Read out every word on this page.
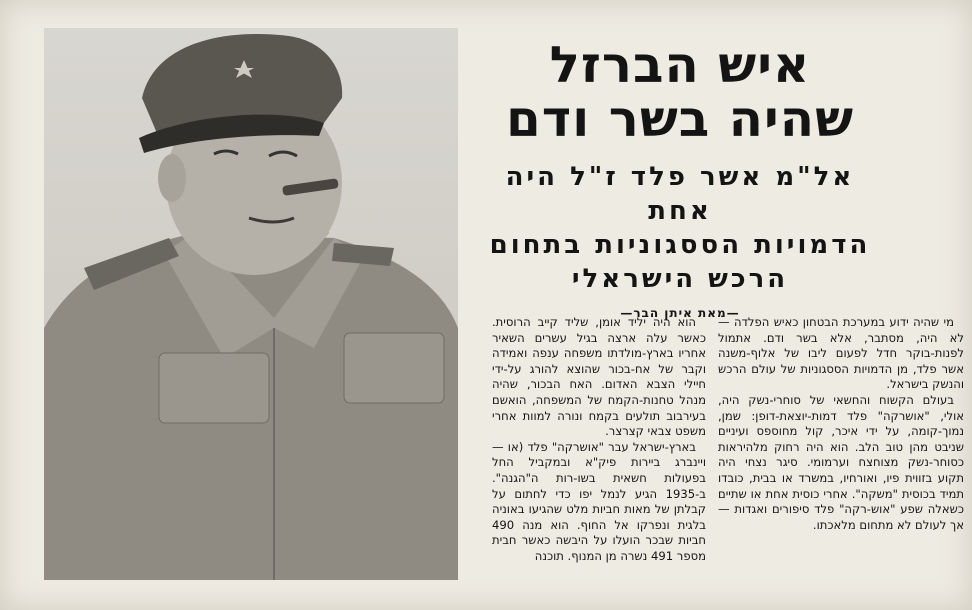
איש הברזל

שהיה בשר ודם

אל"מ אשר פלד ז"ל היה אחת

הדמויות הססגוניות בתחום

הרכש הישראלי

—מאת איתן הבר—

מי שהיה ידוע במערכת הבטחון כאיש הפלדה — לא היה, מסתבר, אלא בשר ודם. אתמול לפנות-בוקר חדל לפעום ליבו של אלוף-משנה אשר פלד, מן הדמויות הססגוניות של עולם הרכש והנשק בישראל.

בעולם הקשוח והחשאי של סוחרי-נשק היה, אולי, "אושרקה" פלד דמות-יוצאת-דופן: שמן, נמוך-קומה, על ידי איכר, קול מחוספס ועיניים שניבט מהן טוב הלב. הוא היה רחוק מלהיראות כסוחר-נשק מצוחצח וערמומי. סיגר נצחי היה תקוע בזווית פיו, ואורחיו, במשרד או בבית, כובדו תמיד בכוסית "משקה". אחרי כוסית אחת או שתיים כשאלה שפע "אוש-רקה" פלד סיפורים ואגדות — אך לעולם לא מתחום מלאכתו.

הוא היה יליד אומן, שליד קייב הרוסית. כאשר עלה ארצה בגיל עשרים השאיר אחריו בארץ-מולדתו משפחה ענפה ואמידה וקבר של אח-בכור שהוצא להורג על-ידי חיילי הצבא האדום. האח הבכור, שהיה מנהל טחנות-הקמח של המשפחה, הואשם בעירבוב תולעים בקמח ונורה למוות אחרי משפט צבאי קצרצר.

בארץ-ישראל עבר "אושרקה" פלד (או — ויינברג ביירות פיק"א ובמקביל החל בפעולות חשאית בשו-רות ה"הגנה". ב-1935 הגיע לנמל יפו כדי לחתום על קבלתן של מאות חביות מלט שהגיעו באוניה בלגית ונפרקו אל החוף. הוא מנה 490 חביות שבכר הועלו על היבשה כאשר חבית מספר 491 נשרה מן המנוף. תוכנה
